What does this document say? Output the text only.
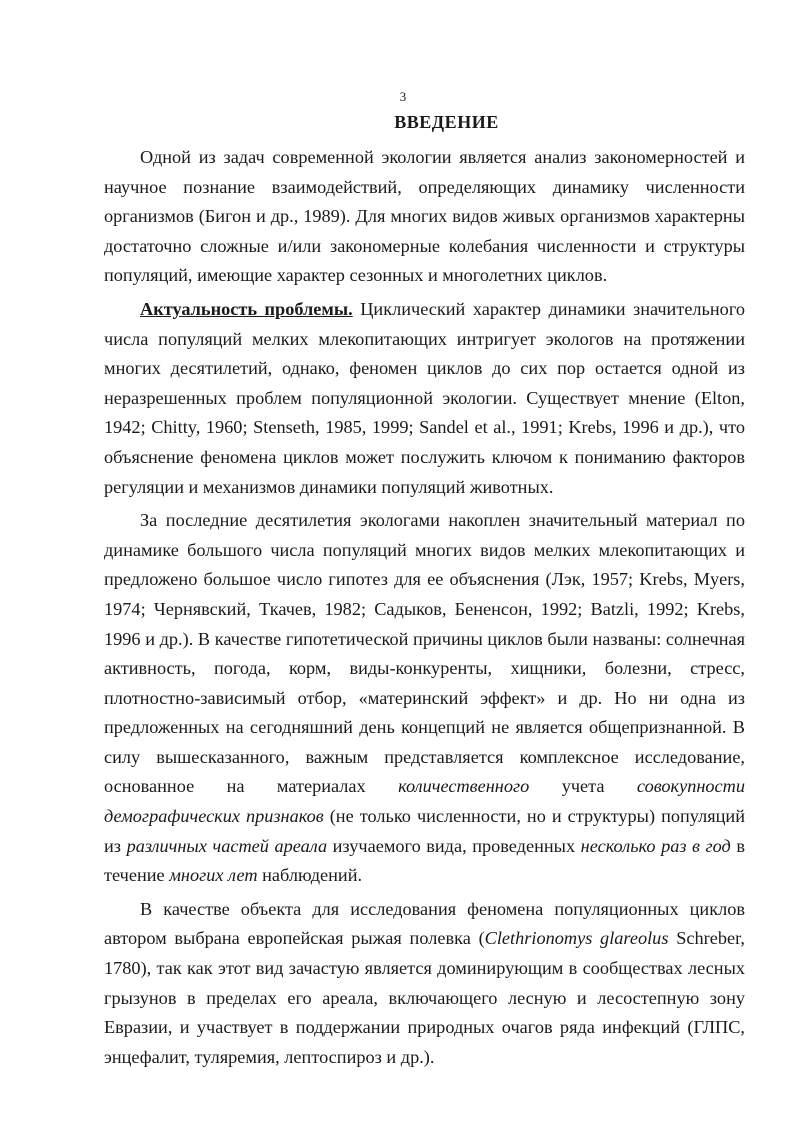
3
ВВЕДЕНИЕ

Одной из задач современной экологии является анализ закономерностей и научное познание взаимодействий, определяющих динамику численности организмов (Бигон и др., 1989). Для многих видов живых организмов характерны достаточно сложные и/или закономерные колебания численности и структуры популяций, имеющие характер сезонных и многолетних циклов.

Актуальность проблемы. Циклический характер динамики значительного числа популяций мелких млекопитающих интригует экологов на протяжении многих десятилетий, однако, феномен циклов до сих пор остается одной из неразрешенных проблем популяционной экологии. Существует мнение (Elton, 1942; Chitty, 1960; Stenseth, 1985, 1999; Sandel et al., 1991; Krebs, 1996 и др.), что объяснение феномена циклов может послужить ключом к пониманию факторов регуляции и механизмов динамики популяций животных.

За последние десятилетия экологами накоплен значительный материал по динамике большого числа популяций многих видов мелких млекопитающих и предложено большое число гипотез для ее объяснения (Лэк, 1957; Krebs, Myers, 1974; Чернявский, Ткачев, 1982; Садыков, Бененсон, 1992; Batzli, 1992; Krebs, 1996 и др.). В качестве гипотетической причины циклов были названы: солнечная активность, погода, корм, виды-конкуренты, хищники, болезни, стресс, плотностно-зависимый отбор, «материнский эффект» и др. Но ни одна из предложенных на сегодняшний день концепций не является общепризнанной. В силу вышесказанного, важным представляется комплексное исследование, основанное на материалах количественного учета совокупности демографических признаков (не только численности, но и структуры) популяций из различных частей ареала изучаемого вида, проведенных несколько раз в год в течение многих лет наблюдений.

В качестве объекта для исследования феномена популяционных циклов автором выбрана европейская рыжая полевка (Clethrionomys glareolus Schreber, 1780), так как этот вид зачастую является доминирующим в сообществах лесных грызунов в пределах его ареала, включающего лесную и лесостепную зону Евразии, и участвует в поддержании природных очагов ряда инфекций (ГЛПС, энцефалит, туляремия, лептоспироз и др.).
